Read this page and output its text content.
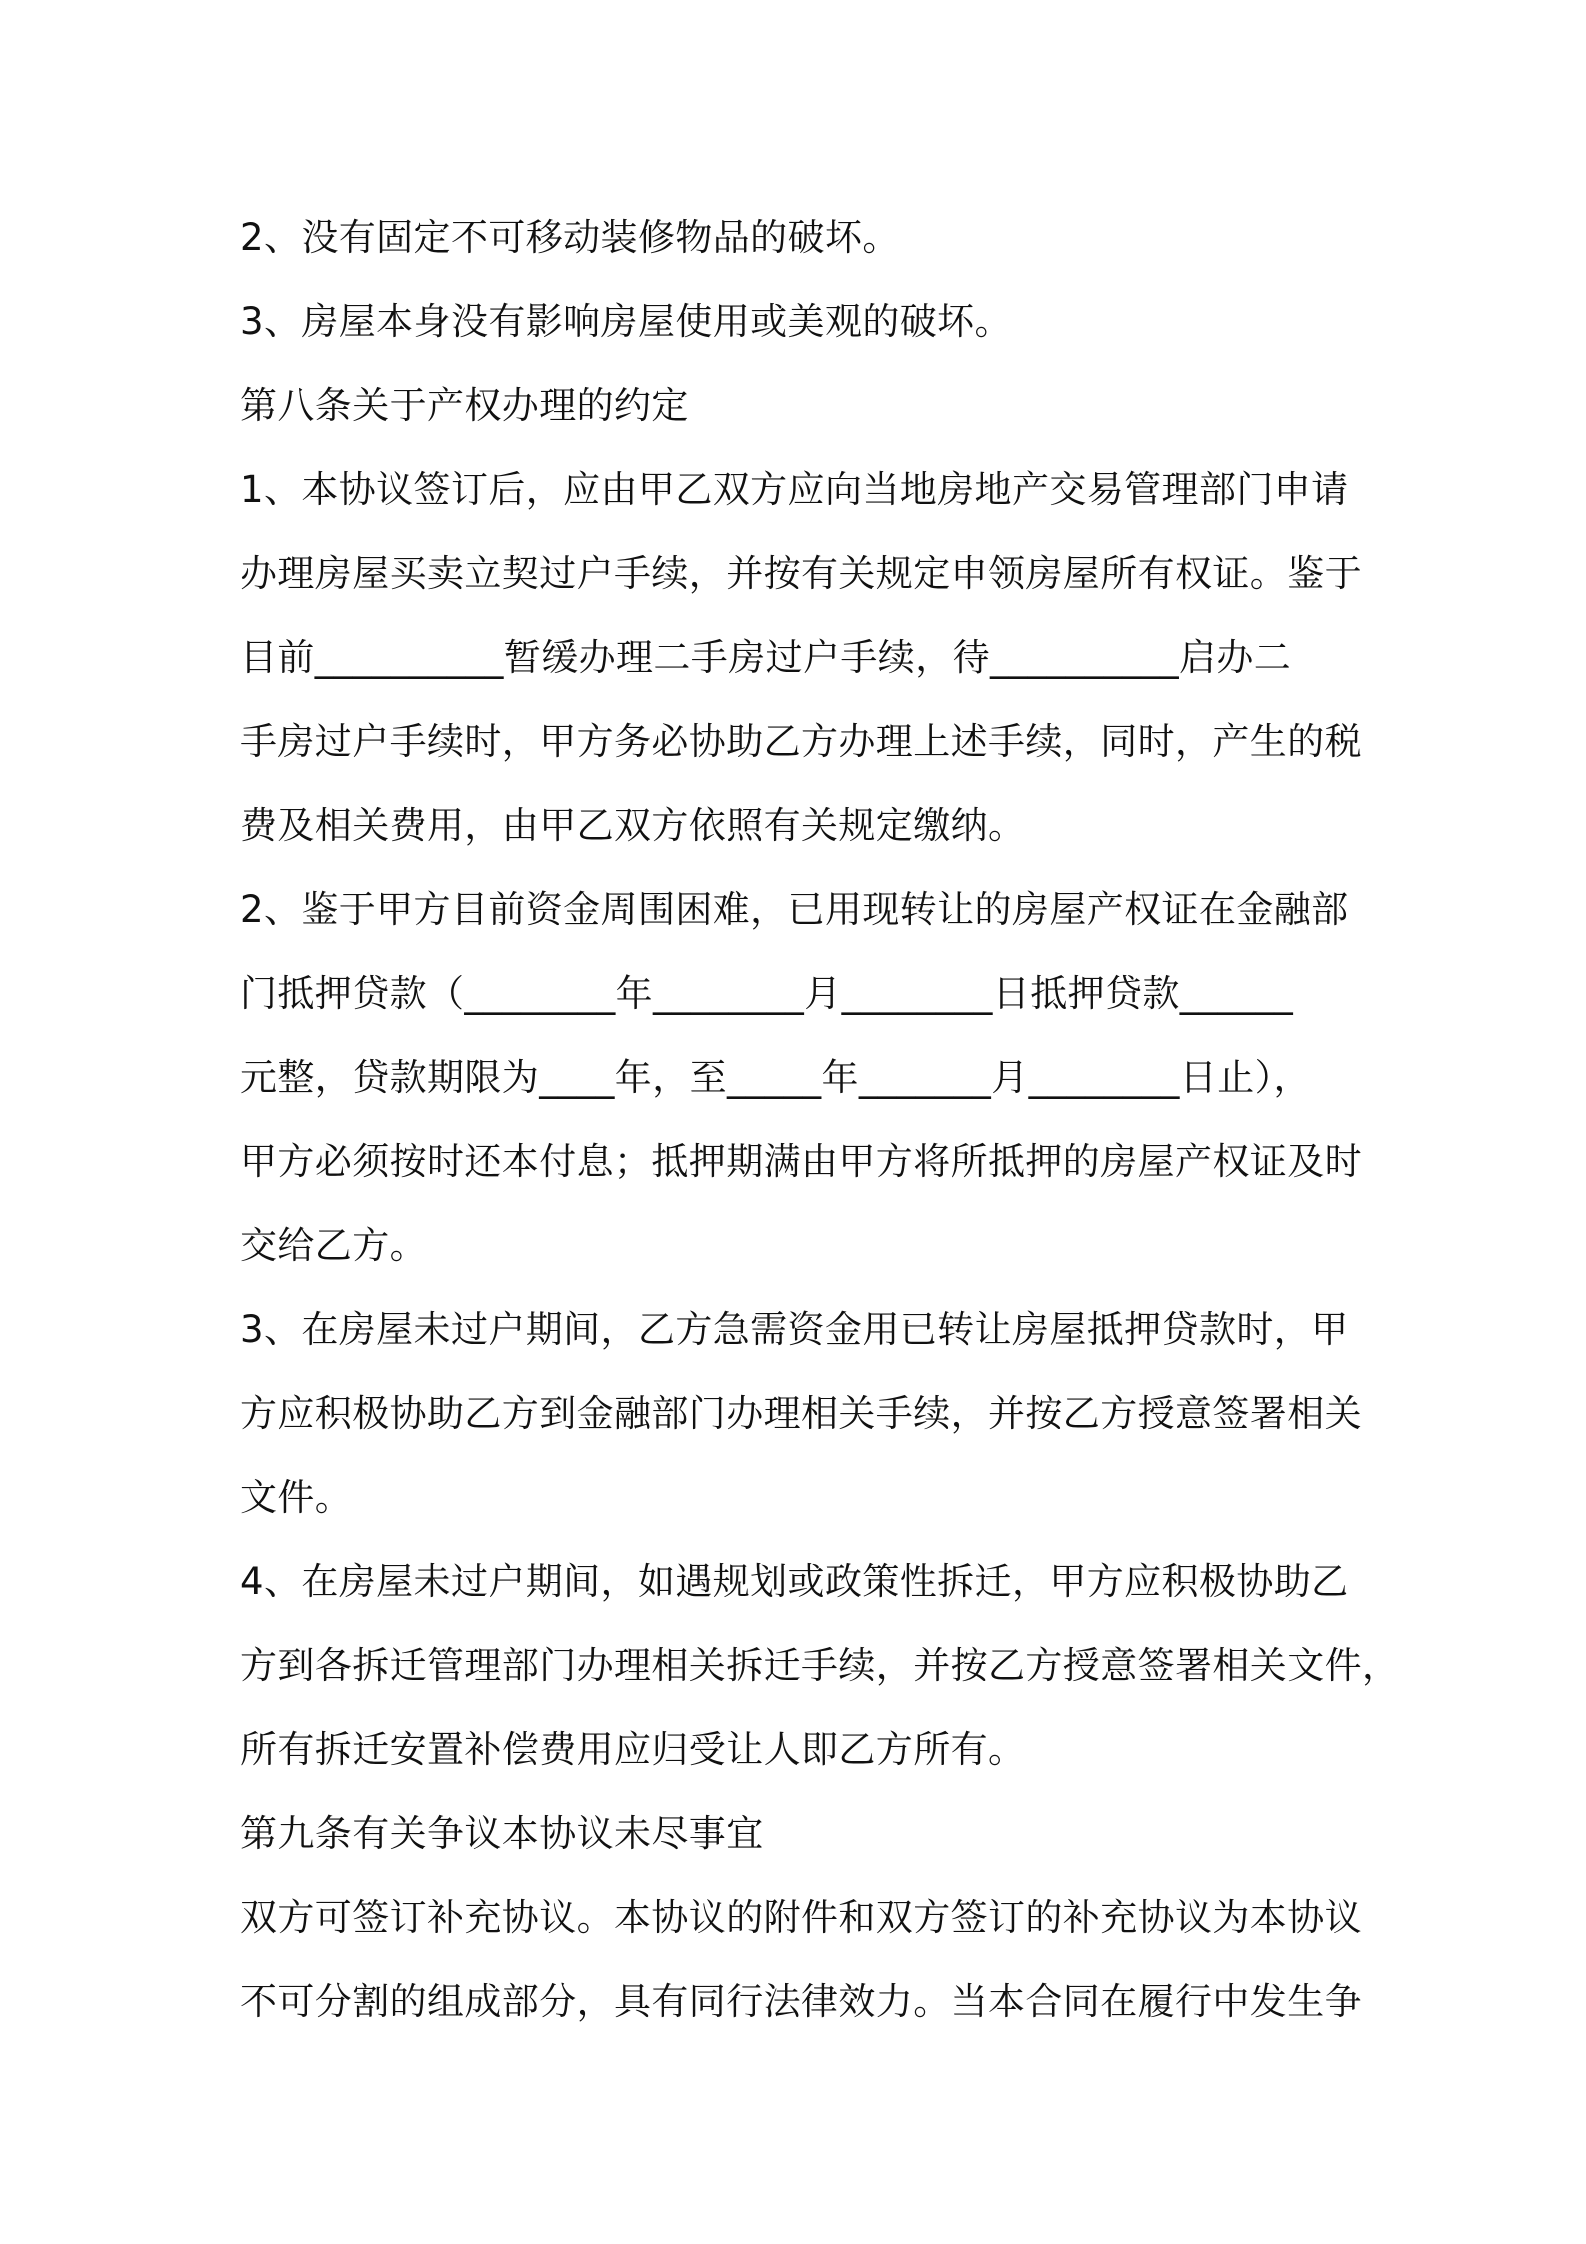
2、没有固定不可移动装修物品的破坏。
3、房屋本身没有影响房屋使用或美观的破坏。
第八条关于产权办理的约定
1、本协议签订后，应由甲乙双方应向当地房地产交易管理部门申请
办理房屋买卖立契过户手续，并按有关规定申领房屋所有权证。鉴于
目前__________暂缓办理二手房过户手续，待__________启办二
手房过户手续时，甲方务必协助乙方办理上述手续，同时，产生的税
费及相关费用，由甲乙双方依照有关规定缴纳。
2、鉴于甲方目前资金周围困难，已用现转让的房屋产权证在金融部
门抵押贷款（________年________月________日抵押贷款______
元整，贷款期限为____年，至_____年_______月________日止），
甲方必须按时还本付息；抵押期满由甲方将所抵押的房屋产权证及时
交给乙方。
3、在房屋未过户期间，乙方急需资金用已转让房屋抵押贷款时，甲
方应积极协助乙方到金融部门办理相关手续，并按乙方授意签署相关
文件。
4、在房屋未过户期间，如遇规划或政策性拆迁，甲方应积极协助乙
方到各拆迁管理部门办理相关拆迁手续，并按乙方授意签署相关文件，
所有拆迁安置补偿费用应归受让人即乙方所有。
第九条有关争议本协议未尽事宜
双方可签订补充协议。本协议的附件和双方签订的补充协议为本协议
不可分割的组成部分，具有同行法律效力。当本合同在履行中发生争
